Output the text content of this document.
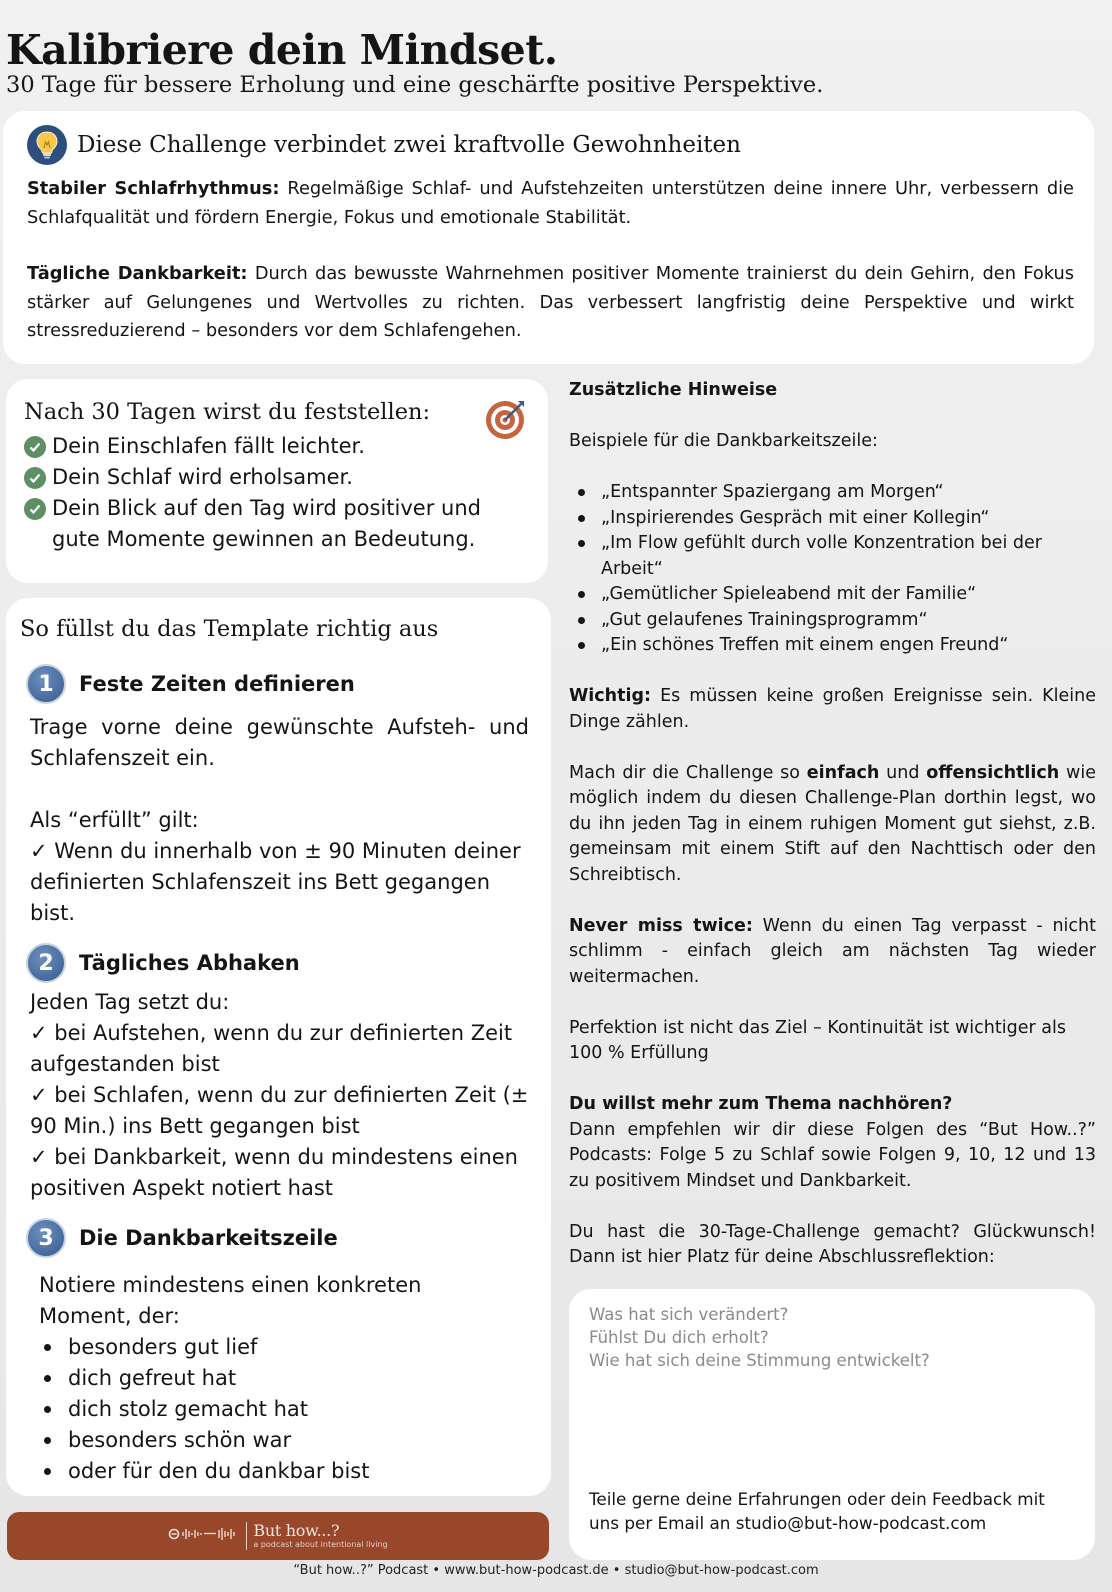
Kalibriere dein Mindset.
30 Tage für bessere Erholung und eine geschärfte positive Perspektive.
Diese Challenge verbindet zwei kraftvolle Gewohnheiten

Stabiler Schlafrhythmus: Regelmäßige Schlaf- und Aufstehzeiten unterstützen deine innere Uhr, verbessern die Schlafqualität und fördern Energie, Fokus und emotionale Stabilität.

Tägliche Dankbarkeit: Durch das bewusste Wahrnehmen positiver Momente trainierst du dein Gehirn, den Fokus stärker auf Gelungenes und Wertvolles zu richten. Das verbessert langfristig deine Perspektive und wirkt stressreduzierend – besonders vor dem Schlafengehen.

Nach 30 Tagen wirst du feststellen:
Dein Einschlafen fällt leichter.
Dein Schlaf wird erholsamer.
Dein Blick auf den Tag wird positiver und gute Momente gewinnen an Bedeutung.
So füllst du das Template richtig aus
1	Feste Zeiten definieren
Trage vorne deine gewünschte Aufsteh- und Schlafenszeit ein.
Als “erfüllt” gilt:
✓ Wenn du innerhalb von ± 90 Minuten deiner definierten Schlafenszeit ins Bett gegangen bist.
2	Tägliches Abhaken
Jeden Tag setzt du:
✓ bei Aufstehen, wenn du zur definierten Zeit aufgestanden bist
✓ bei Schlafen, wenn du zur definierten Zeit (± 90 Min.) ins Bett gegangen bist
✓ bei Dankbarkeit, wenn du mindestens einen positiven Aspekt notiert hast
3	Die Dankbarkeitszeile
Notiere mindestens einen konkreten Moment, der:
besonders gut lief
dich gefreut hat
dich stolz gemacht hat
besonders schön war
oder für den du dankbar bist

Zusätzliche Hinweise

Beispiele für die Dankbarkeitszeile:

„Entspannter Spaziergang am Morgen“
„Inspirierendes Gespräch mit einer Kollegin“
„Im Flow gefühlt durch volle Konzentration bei der Arbeit“
„Gemütlicher Spieleabend mit der Familie“
„Gut gelaufenes Trainingsprogramm“
„Ein schönes Treffen mit einem engen Freund“

Wichtig: Es müssen keine großen Ereignisse sein. Kleine Dinge zählen.

Mach dir die Challenge so einfach und offensichtlich wie möglich indem du diesen Challenge-Plan dorthin legst, wo du ihn jeden Tag in einem ruhigen Moment gut siehst, z.B. gemeinsam mit einem Stift auf den Nachttisch oder den Schreibtisch.

Never miss twice: Wenn du einen Tag verpasst - nicht schlimm - einfach gleich am nächsten Tag wieder weitermachen.

Perfektion ist nicht das Ziel – Kontinuität ist wichtiger als 100 % Erfüllung

Du willst mehr zum Thema nachhören?

Dann empfehlen wir dir diese Folgen des “But How..?” Podcasts: Folge 5 zu Schlaf sowie Folgen 9, 10, 12 und 13 zu positivem Mindset und Dankbarkeit.

Du hast die 30-Tage-Challenge gemacht? Glückwunsch! Dann ist hier Platz für deine Abschlussreflektion:

Was hat sich verändert?
Fühlst Du dich erholt?
Wie hat sich deine Stimmung entwickelt?
Teile gerne deine Erfahrungen oder dein Feedback mit uns per Email an studio@but-how-podcast.com
But how...?
a podcast about intentional living
“But how..?” Podcast • www.but-how-podcast.de • studio@but-how-podcast.com
